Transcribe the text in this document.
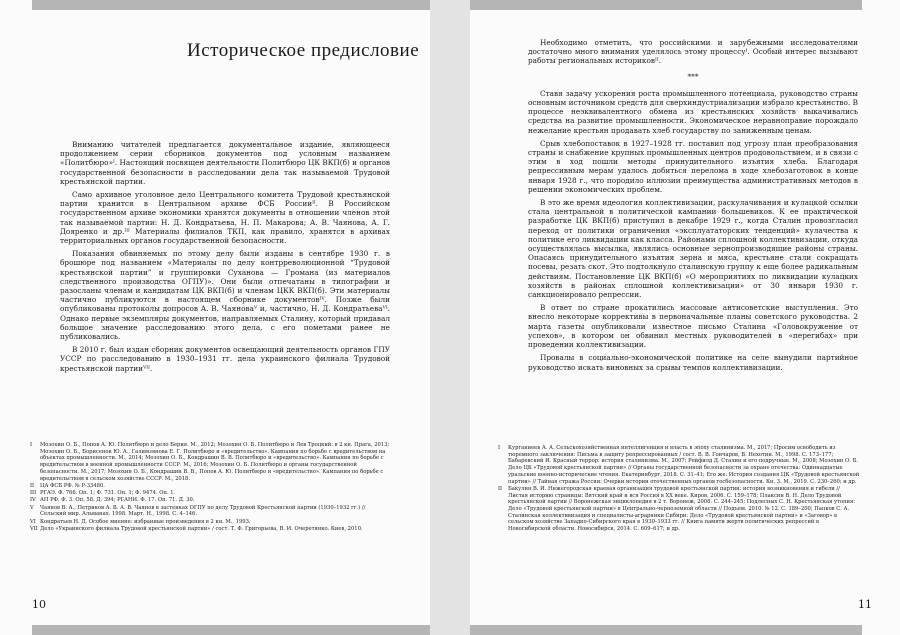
Историческое предисловие

Вниманию читателей предлагается документальное издание, являющееся продолжением серии сборников документов под условным названием «Политбюро»ᴵ. Настоящий посвящен деятельности Политбюро ЦК ВКП(б) и органов государственной безопасности в расследовании дела так называемой Трудовой крестьянской партии.

Само архивное уголовное дело Центрального комитета Трудовой крестьянской партии хранится в Центральном архиве ФСБ Россииᴵᴵ. В Российском государственном архиве экономики хранятся документы в отношении членов этой так называемой партии: Н. Д. Кондратьева, Н. П. Макарова; А. В. Чаянова, А. Г. Дояренко и др.ᴵᴵᴵ Материалы филиалов ТКП, как правило, хранятся в архивах территориальных органов государственной безопасности.

Показания обвиняемых по этому делу были изданы в сентябре 1930 г. в брошюре под названием «Материалы по делу контрреволюционной “Трудовой крестьянской партии” и группировки Суханова — Громана (из материалов следственного производства ОГПУ)». Они были отпечатаны в типографии и разосланы членам и кандидатам ЦК ВКП(б) и членам ЦКК ВКП(б). Эти материалы частично публикуются в настоящем сборнике документовᴵⱽ. Позже были опубликованы протоколы допросов А. В. Чаяноваⱽ и, частично, Н. Д. Кондратьеваⱽᴵ. Однако первые экземпляры документов, направляемых Сталину, который придавал большое значение расследованию этого дела, с его пометами ранее не публиковались.

В 2010 г. был издан сборник документов освещающий деятельность органов ГПУ УССР по расследованию в 1930–1931 гг. дела украинского филиала Трудовой крестьянской партииⱽᴵᴵ.

I Мозохин О. Б., Попов А. Ю. Политбюро и дело Берия. М., 2012; Мозохин О. Б. Политбюро и Лев Троцкий: в 2 кн. Прага, 2013; Мозохин О. Б., Борисенок Ю. А., Галимзянова Е. Г. Политбюро и «вредительство». Кампания по борьбе с вредительством на объектах промышленности. М., 2014; Мозохин О. Б., Кондрашин В. В. Политбюро и «вредительство». Кампания по борьбе с вредительством в военной промышленности СССР. М., 2016; Мозохин О. Б. Политбюро и органы государственной безопасности. М., 2017; Мозохин О. Б., Кондрашин В. В., Попов А. Ю. Политбюро и «вредительство». Кампания по борьбе с вредительством в сельском хозяйстве СССР. М., 2018.
II ЦА ФСБ РФ. № Р-33480.
III РГАЭ. Ф. 766. Оп. 1; Ф. 731. Оп. 1; Ф. 9474. Оп. 1.
IV АП РФ. Ф. 3. Оп. 58. Д. 394; РГАНИ. Ф. 17. Оп. 71. Д. 30.
V Чаянов В. А., Петриков А. В. А. В. Чаянов в застенках ОГПУ по делу Трудовой Крестьянской партии (1930–1932 гг.) // Сельский мир. Альманах. 1998. Март. Н., 1998. С. 4–146.
VI Кондратьев Н. Д. Особое мнение: избранные произведения в 2 кн. М., 1993.
VII Дело «Украинского филиала Трудовой крестьянской партии» / сост. Т. Ф. Григорьева, В. И. Очеретянко. Киев, 2010.
10

Необходимо отметить, что российскими и зарубежными исследователями достаточно много внимания уделялось этому процессуᴵ. Особый интерес вызывают работы региональных историковᴵᴵ.

***

Ставя задачу ускорения роста промышленного потенциала, руководство страны основным источником средств для сверхиндустриализации избрало крестьянство. В процессе неэквивалентного обмена из крестьянских хозяйств выкачивались средства на развитие промышленности. Экономическое неравноправие порождало нежелание крестьян продавать хлеб государству по заниженным ценам.

Срыв хлебопоставок в 1927–1928 гг. поставил под угрозу план преобразования страны и снабжение крупных промышленных центров продовольствием, и в связи с этим в ход пошли методы принудительного изъятия хлеба. Благодаря репрессивным мерам удалось добиться перелома в ходе хлебозаготовок в конце января 1928 г., что породило иллюзии преимущества административных методов в решении экономических проблем.

В это же время идеология коллективизации, раскулачивания и кулацкой ссылки стала центральной в политической кампании большевиков. К ее практической разработке ЦК ВКП(б) приступил в декабре 1929 г., когда Сталин провозгласил переход от политики ограничения «эксплуататорских тенденций» кулачества к политике его ликвидации как класса. Районами сплошной коллективизации, откуда осуществлялась высылка, являлись основные зернопроизводящие районы страны. Опасаясь принудительного изъятия зерна и мяса, крестьяне стали сокращать посевы, резать скот. Это подтолкнуло сталинскую группу к еще более радикальным действиям. Постановление ЦК ВКП(б) «О мероприятиях по ликвидации кулацких хозяйств в районах сплошной коллективизации» от 30 января 1930 г. санкционировало репрессии.

В ответ по стране прокатились массовые антисоветские выступления. Это внесло некоторые коррективы в первоначальные планы советского руководства. 2 марта газеты опубликовали известное письмо Сталина «Головокружение от успехов», в котором он обвинил местных руководителей в «перегибах» при проведении коллективизации.

Провалы в социально-экономической политике на селе вынудили партийное руководство искать виновных за срывы темпов коллективизации.

I Курганиеев А. А. Сельскохозяйственная интеллигенция и власть в эпоху сталинизма. М., 2017; Просим освободить из тюремного заключения: Письма в защиту репрессированных / сост. В. В. Гончаров, В. Нехотин. М., 1998. С. 173–177; Бабаревский И. Красный террор: история сталинизма. М., 2007; Рейфилд Д. Сталин и его подручные. М., 2008; Мозохин О. Б. Дело ЦК «Трудовой крестьянской партии» // Органы государственной безопасности за охране отечества: Одиннадцатые уральские военно-исторические чтения. Екатеринбург, 2018. С. 31–41; Его же. История создания ЦК «Трудовой крестьянской партии» // Тайная стража России: Очерки истории отечественных органов госбезопасности. Кн. 3. М., 2019. С. 230–260; и др.
II Бакулин В. И. Нижегородская краевая организация трудовой крестьянской партии: история возникновения и гибели // Листая историю страницы: Вятский край и вся Россия в XX веке. Киров, 2006. С. 159–178; Плаксин В. Н. Дело Трудовой крестьянской партии // Воронежская энциклопедия в 2 т. Воронеж, 2008. С. 244–245; Подлесных С. Н. Крестьянская утопия: Дело «Трудовой крестьянской партии» в Центрально-черноземной области // Подъем. 2010. № 12. С. 189–200; Папков С. А. Сталинская коллективизация и специалисты-аграрники Сибири: Дело «Трудовой крестьянской партии» и «Заговор» в сельском хозяйстве Западно-Сибирского края в 1930–1933 гг. // Книга памяти жертв политических репрессий в Новосибирской области. Новосибирск, 2014. С. 609–617; и др.
11
